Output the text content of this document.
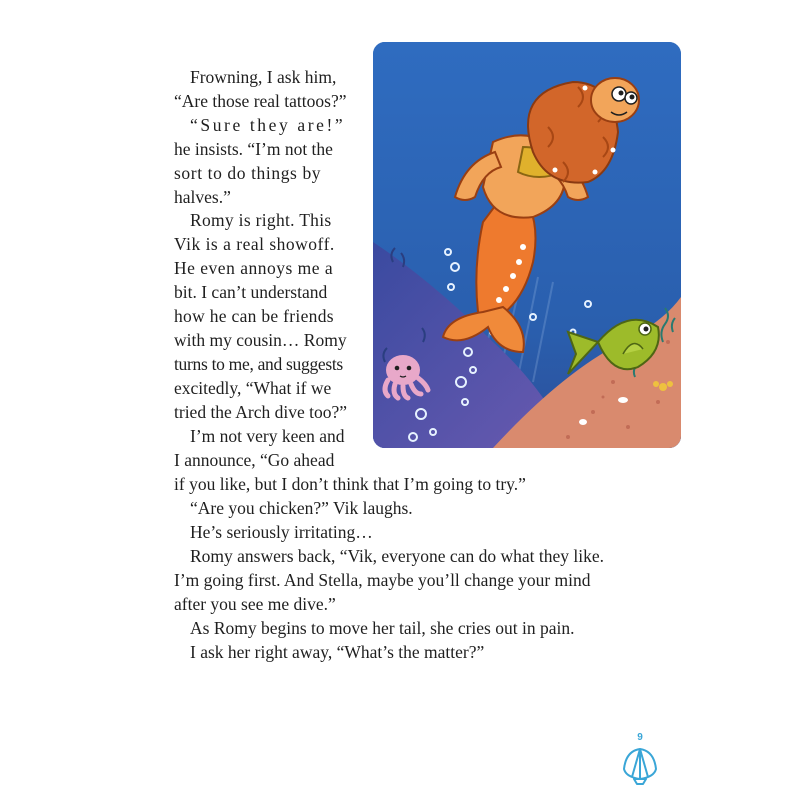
Frowning, I ask him,
“Are those real tattoos?”
“Sure they are!”
he insists. “I’m not the
sort to do things by
halves.”
Romy is right. This
Vik is a real showoff.
He even annoys me a
bit. I can’t understand
how he can be friends
with my cousin… Romy
turns to me, and suggests
excitedly, “What if we
tried the Arch dive too?”
I’m not very keen and
I announce, “Go ahead
if you like, but I don’t think that I’m going to try.”
“Are you chicken?” Vik laughs.
He’s seriously irritating…
Romy answers back, “Vik, everyone can do what they like.
I’m going first. And Stella, maybe you’ll change your mind
after you see me dive.”
As Romy begins to move her tail, she cries out in pain.
I ask her right away, “What’s the matter?”
9
